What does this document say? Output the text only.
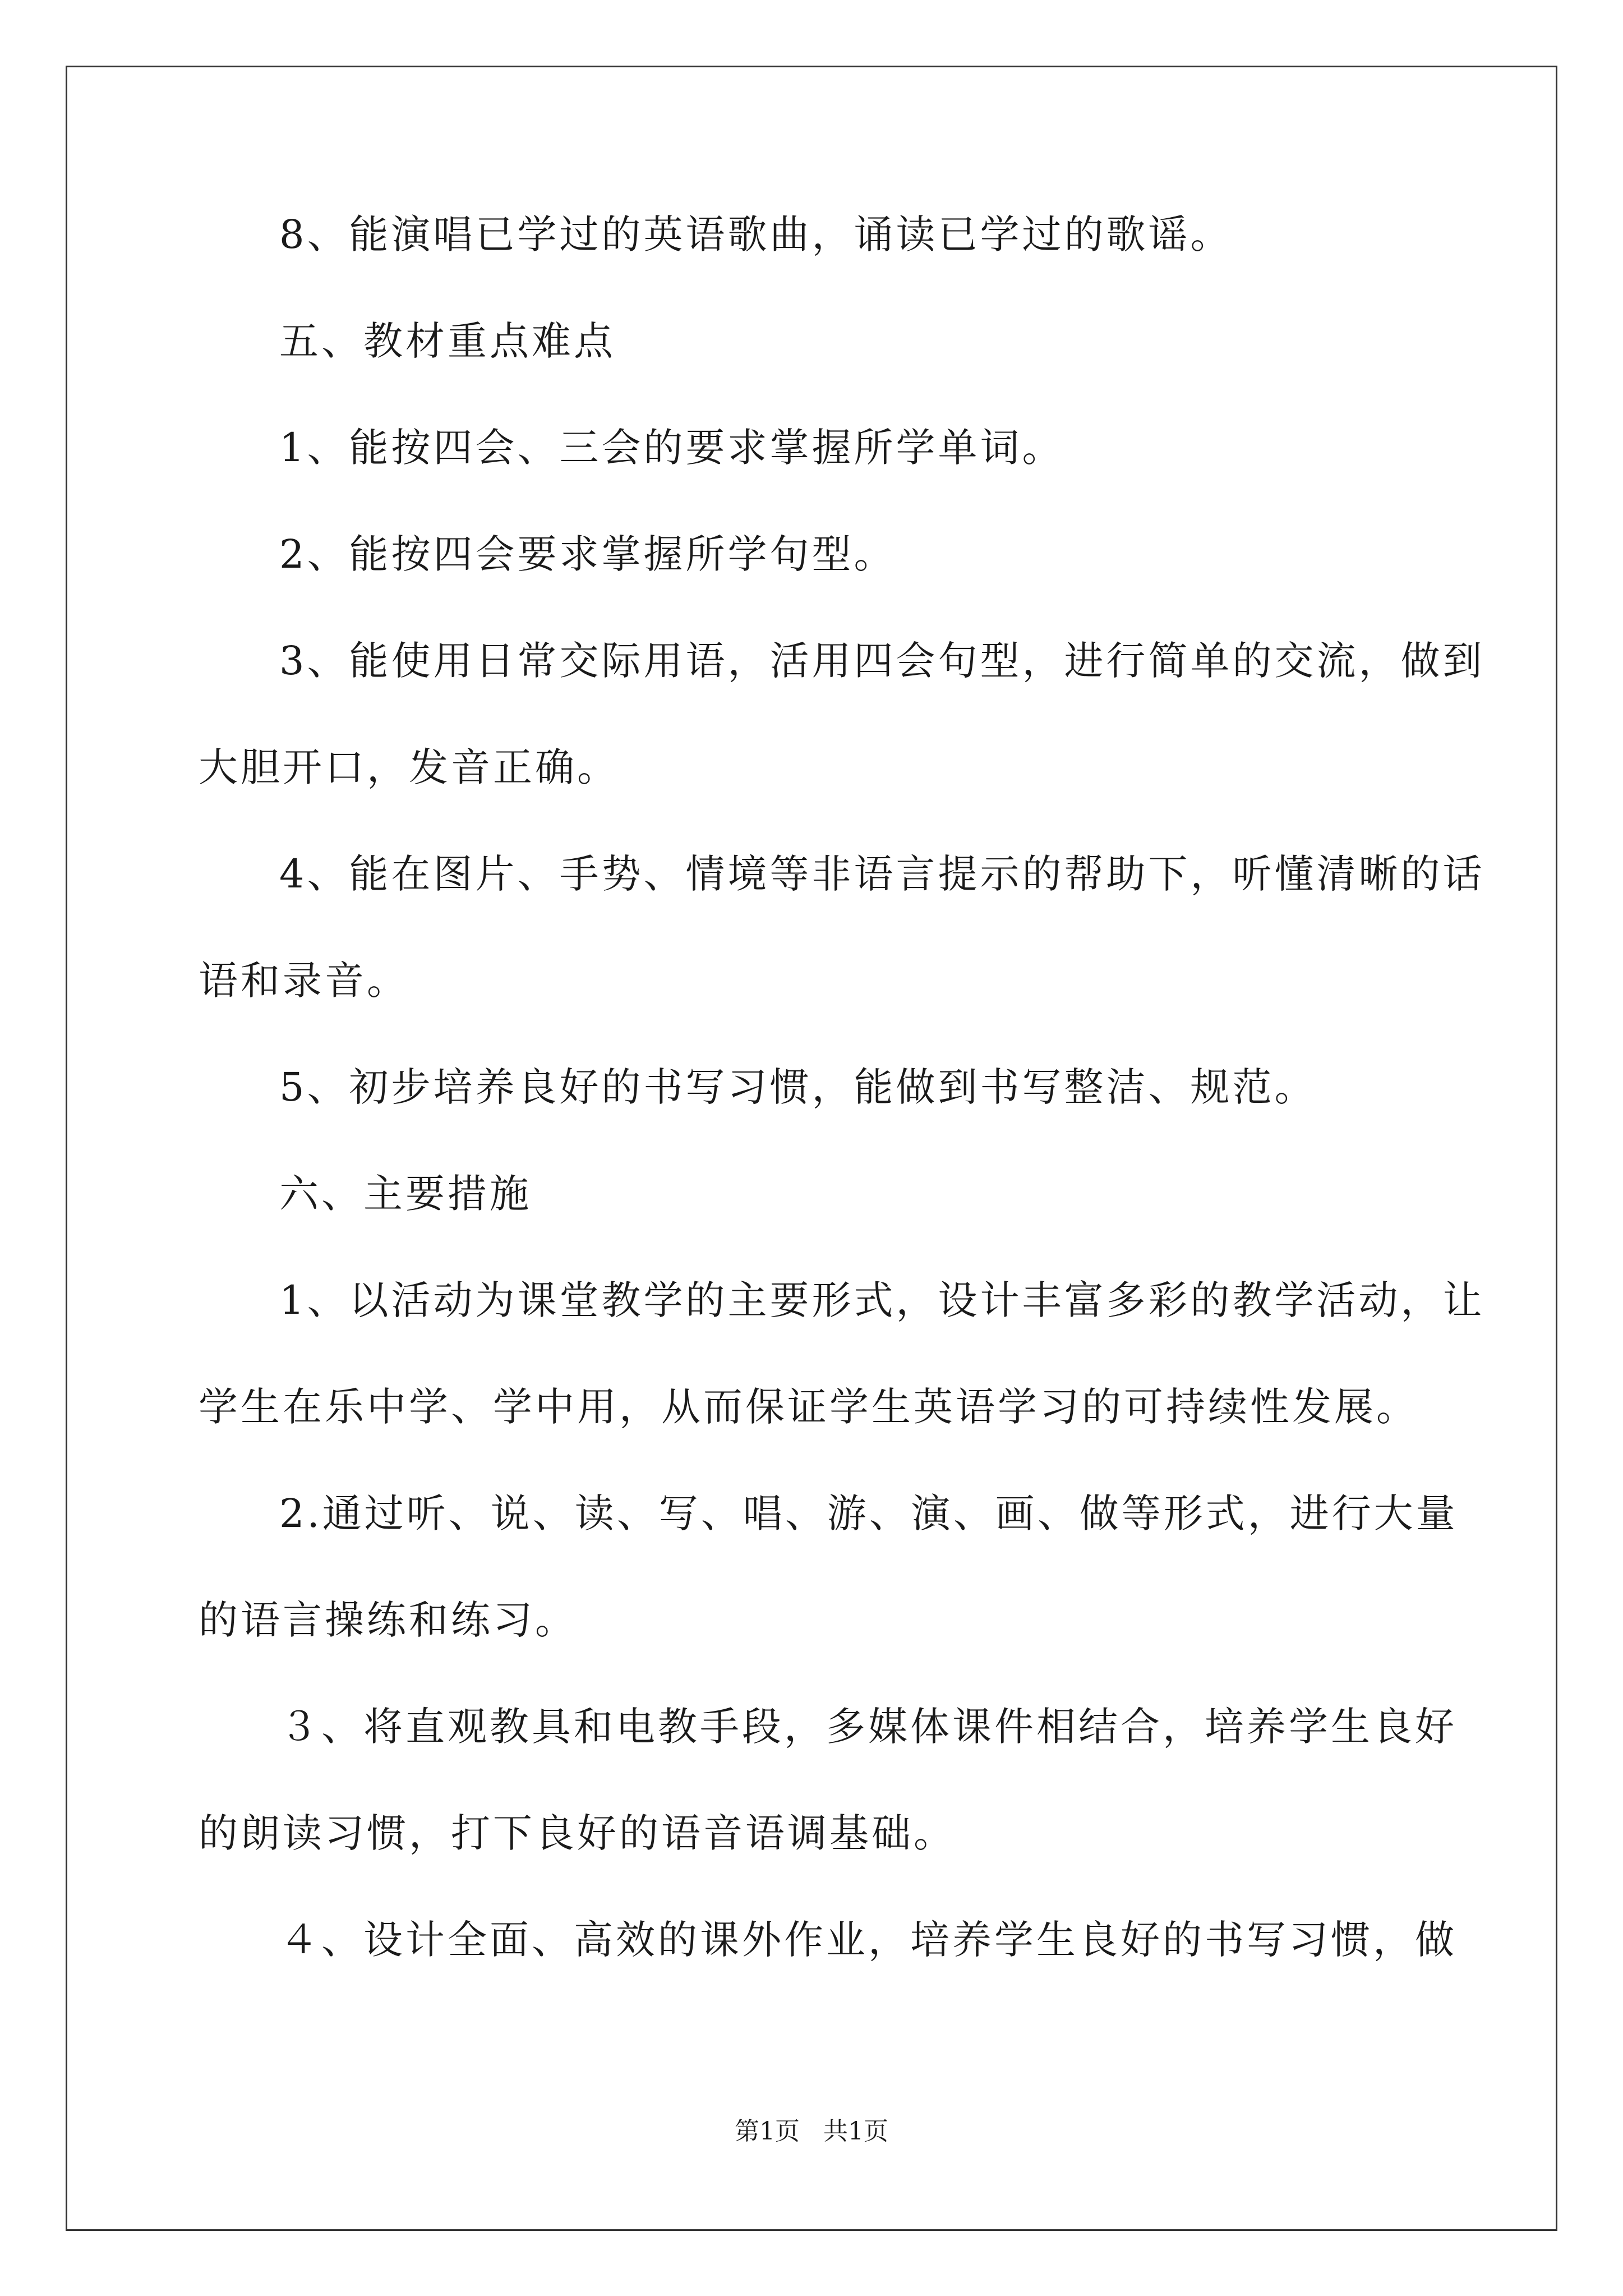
8、能演唱已学过的英语歌曲，诵读已学过的歌谣。
五、教材重点难点
1、能按四会、三会的要求掌握所学单词。
2、能按四会要求掌握所学句型。
3、能使用日常交际用语，活用四会句型，进行简单的交流，做到
大胆开口，发音正确。
4、能在图片、手势、情境等非语言提示的帮助下，听懂清晰的话
语和录音。
5、初步培养良好的书写习惯，能做到书写整洁、规范。
六、主要措施
1、以活动为课堂教学的主要形式，设计丰富多彩的教学活动，让
学生在乐中学、学中用，从而保证学生英语学习的可持续性发展。
2.通过听、说、读、写、唱、游、演、画、做等形式，进行大量
的语言操练和练习。
３、将直观教具和电教手段，多媒体课件相结合，培养学生良好
的朗读习惯，打下良好的语音语调基础。
４、设计全面、高效的课外作业，培养学生良好的书写习惯，做
第1页 共1页
